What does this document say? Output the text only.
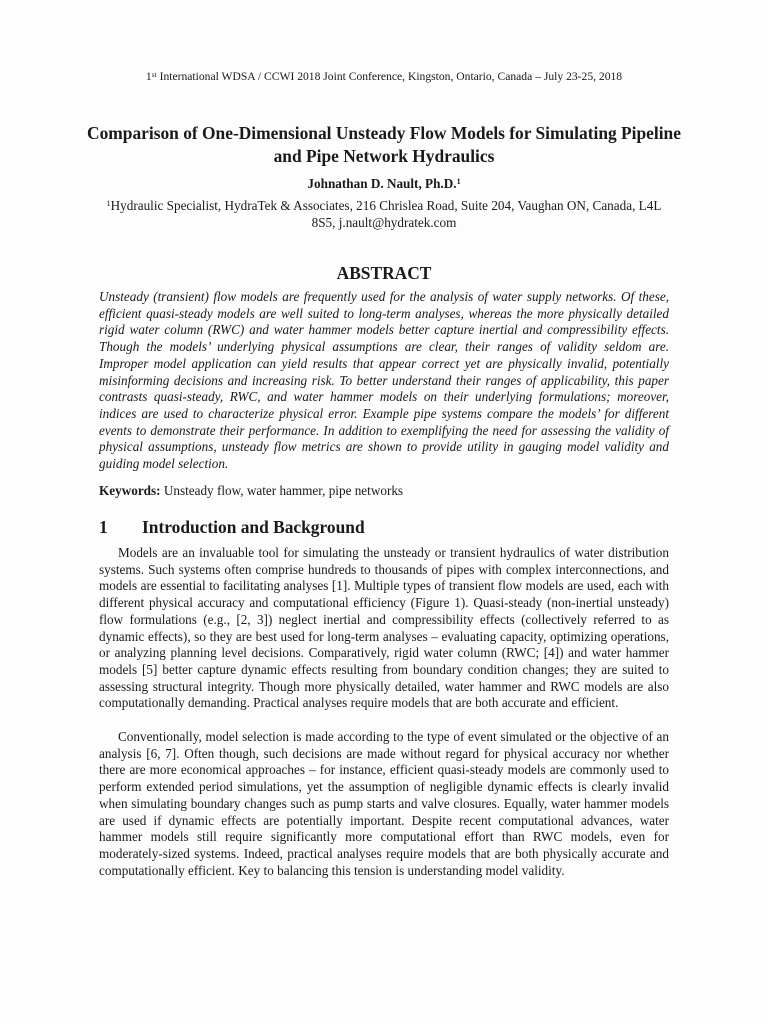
1st International WDSA / CCWI 2018 Joint Conference, Kingston, Ontario, Canada – July 23-25, 2018
Comparison of One-Dimensional Unsteady Flow Models for Simulating Pipeline and Pipe Network Hydraulics
Johnathan D. Nault, Ph.D.$^1$
$^1$Hydraulic Specialist, HydraTek & Associates, 216 Chrislea Road, Suite 204, Vaughan ON, Canada, L4L 8S5, j.nault@hydratek.com
ABSTRACT

Unsteady (transient) flow models are frequently used for the analysis of water supply networks. Of these, efficient quasi-steady models are well suited to long-term analyses, whereas the more physically detailed rigid water column (RWC) and water hammer models better capture inertial and compressibility effects. Though the models’ underlying physical assumptions are clear, their ranges of validity seldom are. Improper model application can yield results that appear correct yet are physically invalid, potentially misinforming decisions and increasing risk. To better understand their ranges of applicability, this paper contrasts quasi-steady, RWC, and water hammer models on their underlying formulations; moreover, indices are used to characterize physical error. Example pipe systems compare the models’ for different events to demonstrate their performance. In addition to exemplifying the need for assessing the validity of physical assumptions, unsteady flow metrics are shown to provide utility in gauging model validity and guiding model selection.

Keywords: Unsteady flow, water hammer, pipe networks

1 Introduction and Background

Models are an invaluable tool for simulating the unsteady or transient hydraulics of water distribution systems. Such systems often comprise hundreds to thousands of pipes with complex interconnections, and models are essential to facilitating analyses [1]. Multiple types of transient flow models are used, each with different physical accuracy and computational efficiency (Figure 1). Quasi-steady (non-inertial unsteady) flow formulations (e.g., [2, 3]) neglect inertial and compressibility effects (collectively referred to as dynamic effects), so they are best used for long-term analyses – evaluating capacity, optimizing operations, or analyzing planning level decisions. Comparatively, rigid water column (RWC; [4]) and water hammer models [5] better capture dynamic effects resulting from boundary condition changes; they are suited to assessing structural integrity. Though more physically detailed, water hammer and RWC models are also computationally demanding. Practical analyses require models that are both accurate and efficient.

Conventionally, model selection is made according to the type of event simulated or the objective of an analysis [6, 7]. Often though, such decisions are made without regard for physical accuracy nor whether there are more economical approaches – for instance, efficient quasi-steady models are commonly used to perform extended period simulations, yet the assumption of negligible dynamic effects is clearly invalid when simulating boundary changes such as pump starts and valve closures. Equally, water hammer models are used if dynamic effects are potentially important. Despite recent computational advances, water hammer models still require significantly more computational effort than RWC models, even for moderately-sized systems. Indeed, practical analyses require models that are both physically accurate and computationally efficient. Key to balancing this tension is understanding model validity.
